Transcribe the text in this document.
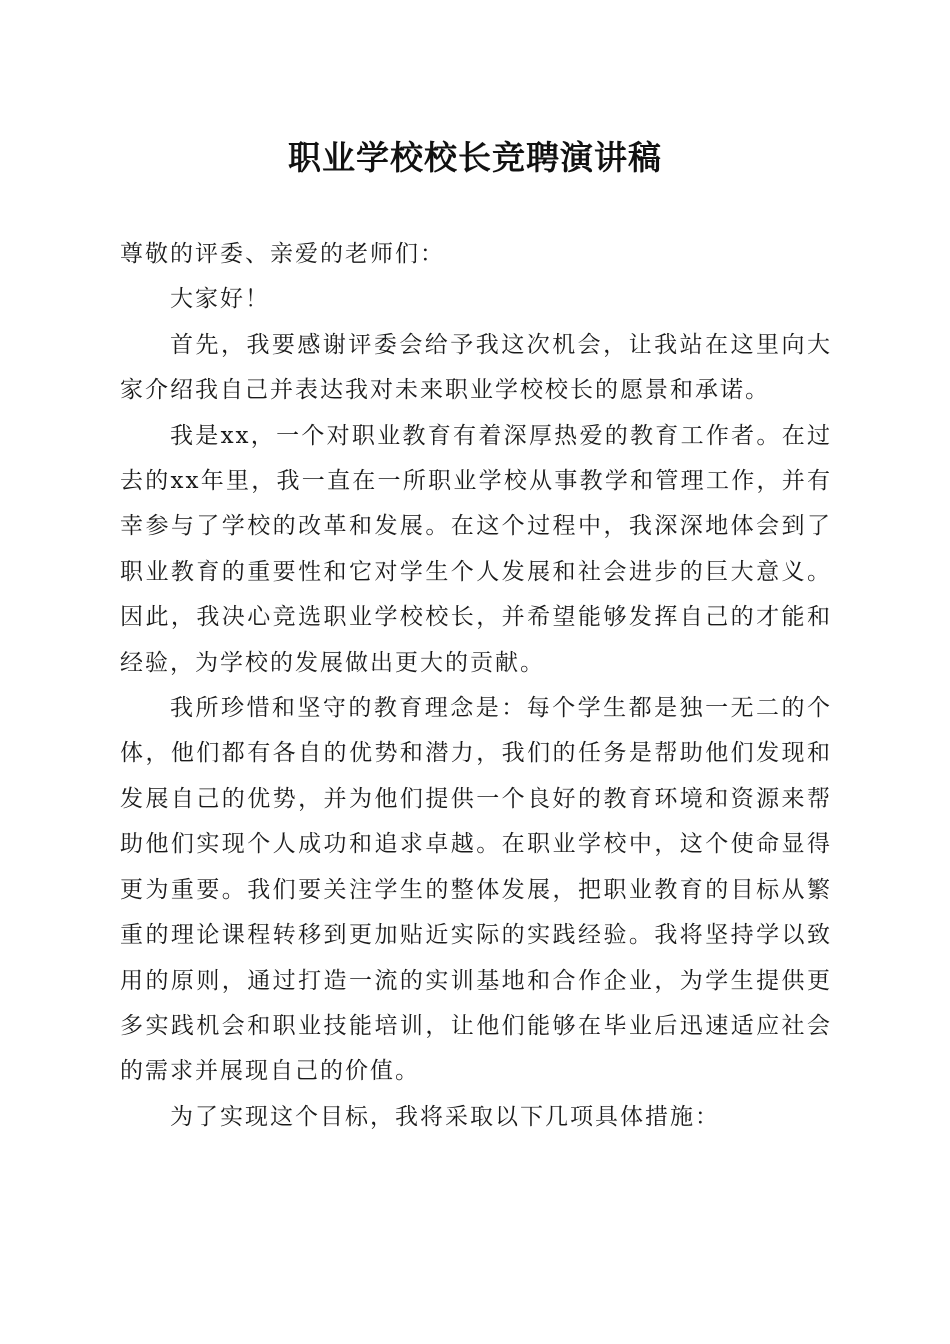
职业学校校长竞聘演讲稿

尊敬的评委、亲爱的老师们：

大家好！

首先，我要感谢评委会给予我这次机会，让我站在这里向大家介绍我自己并表达我对未来职业学校校长的愿景和承诺。

我是xx，一个对职业教育有着深厚热爱的教育工作者。在过去的xx年里，我一直在一所职业学校从事教学和管理工作，并有幸参与了学校的改革和发展。在这个过程中，我深深地体会到了职业教育的重要性和它对学生个人发展和社会进步的巨大意义。因此，我决心竞选职业学校校长，并希望能够发挥自己的才能和经验，为学校的发展做出更大的贡献。

我所珍惜和坚守的教育理念是：每个学生都是独一无二的个体，他们都有各自的优势和潜力，我们的任务是帮助他们发现和发展自己的优势，并为他们提供一个良好的教育环境和资源来帮助他们实现个人成功和追求卓越。在职业学校中，这个使命显得更为重要。我们要关注学生的整体发展，把职业教育的目标从繁重的理论课程转移到更加贴近实际的实践经验。我将坚持学以致用的原则，通过打造一流的实训基地和合作企业，为学生提供更多实践机会和职业技能培训，让他们能够在毕业后迅速适应社会的需求并展现自己的价值。

为了实现这个目标，我将采取以下几项具体措施：
